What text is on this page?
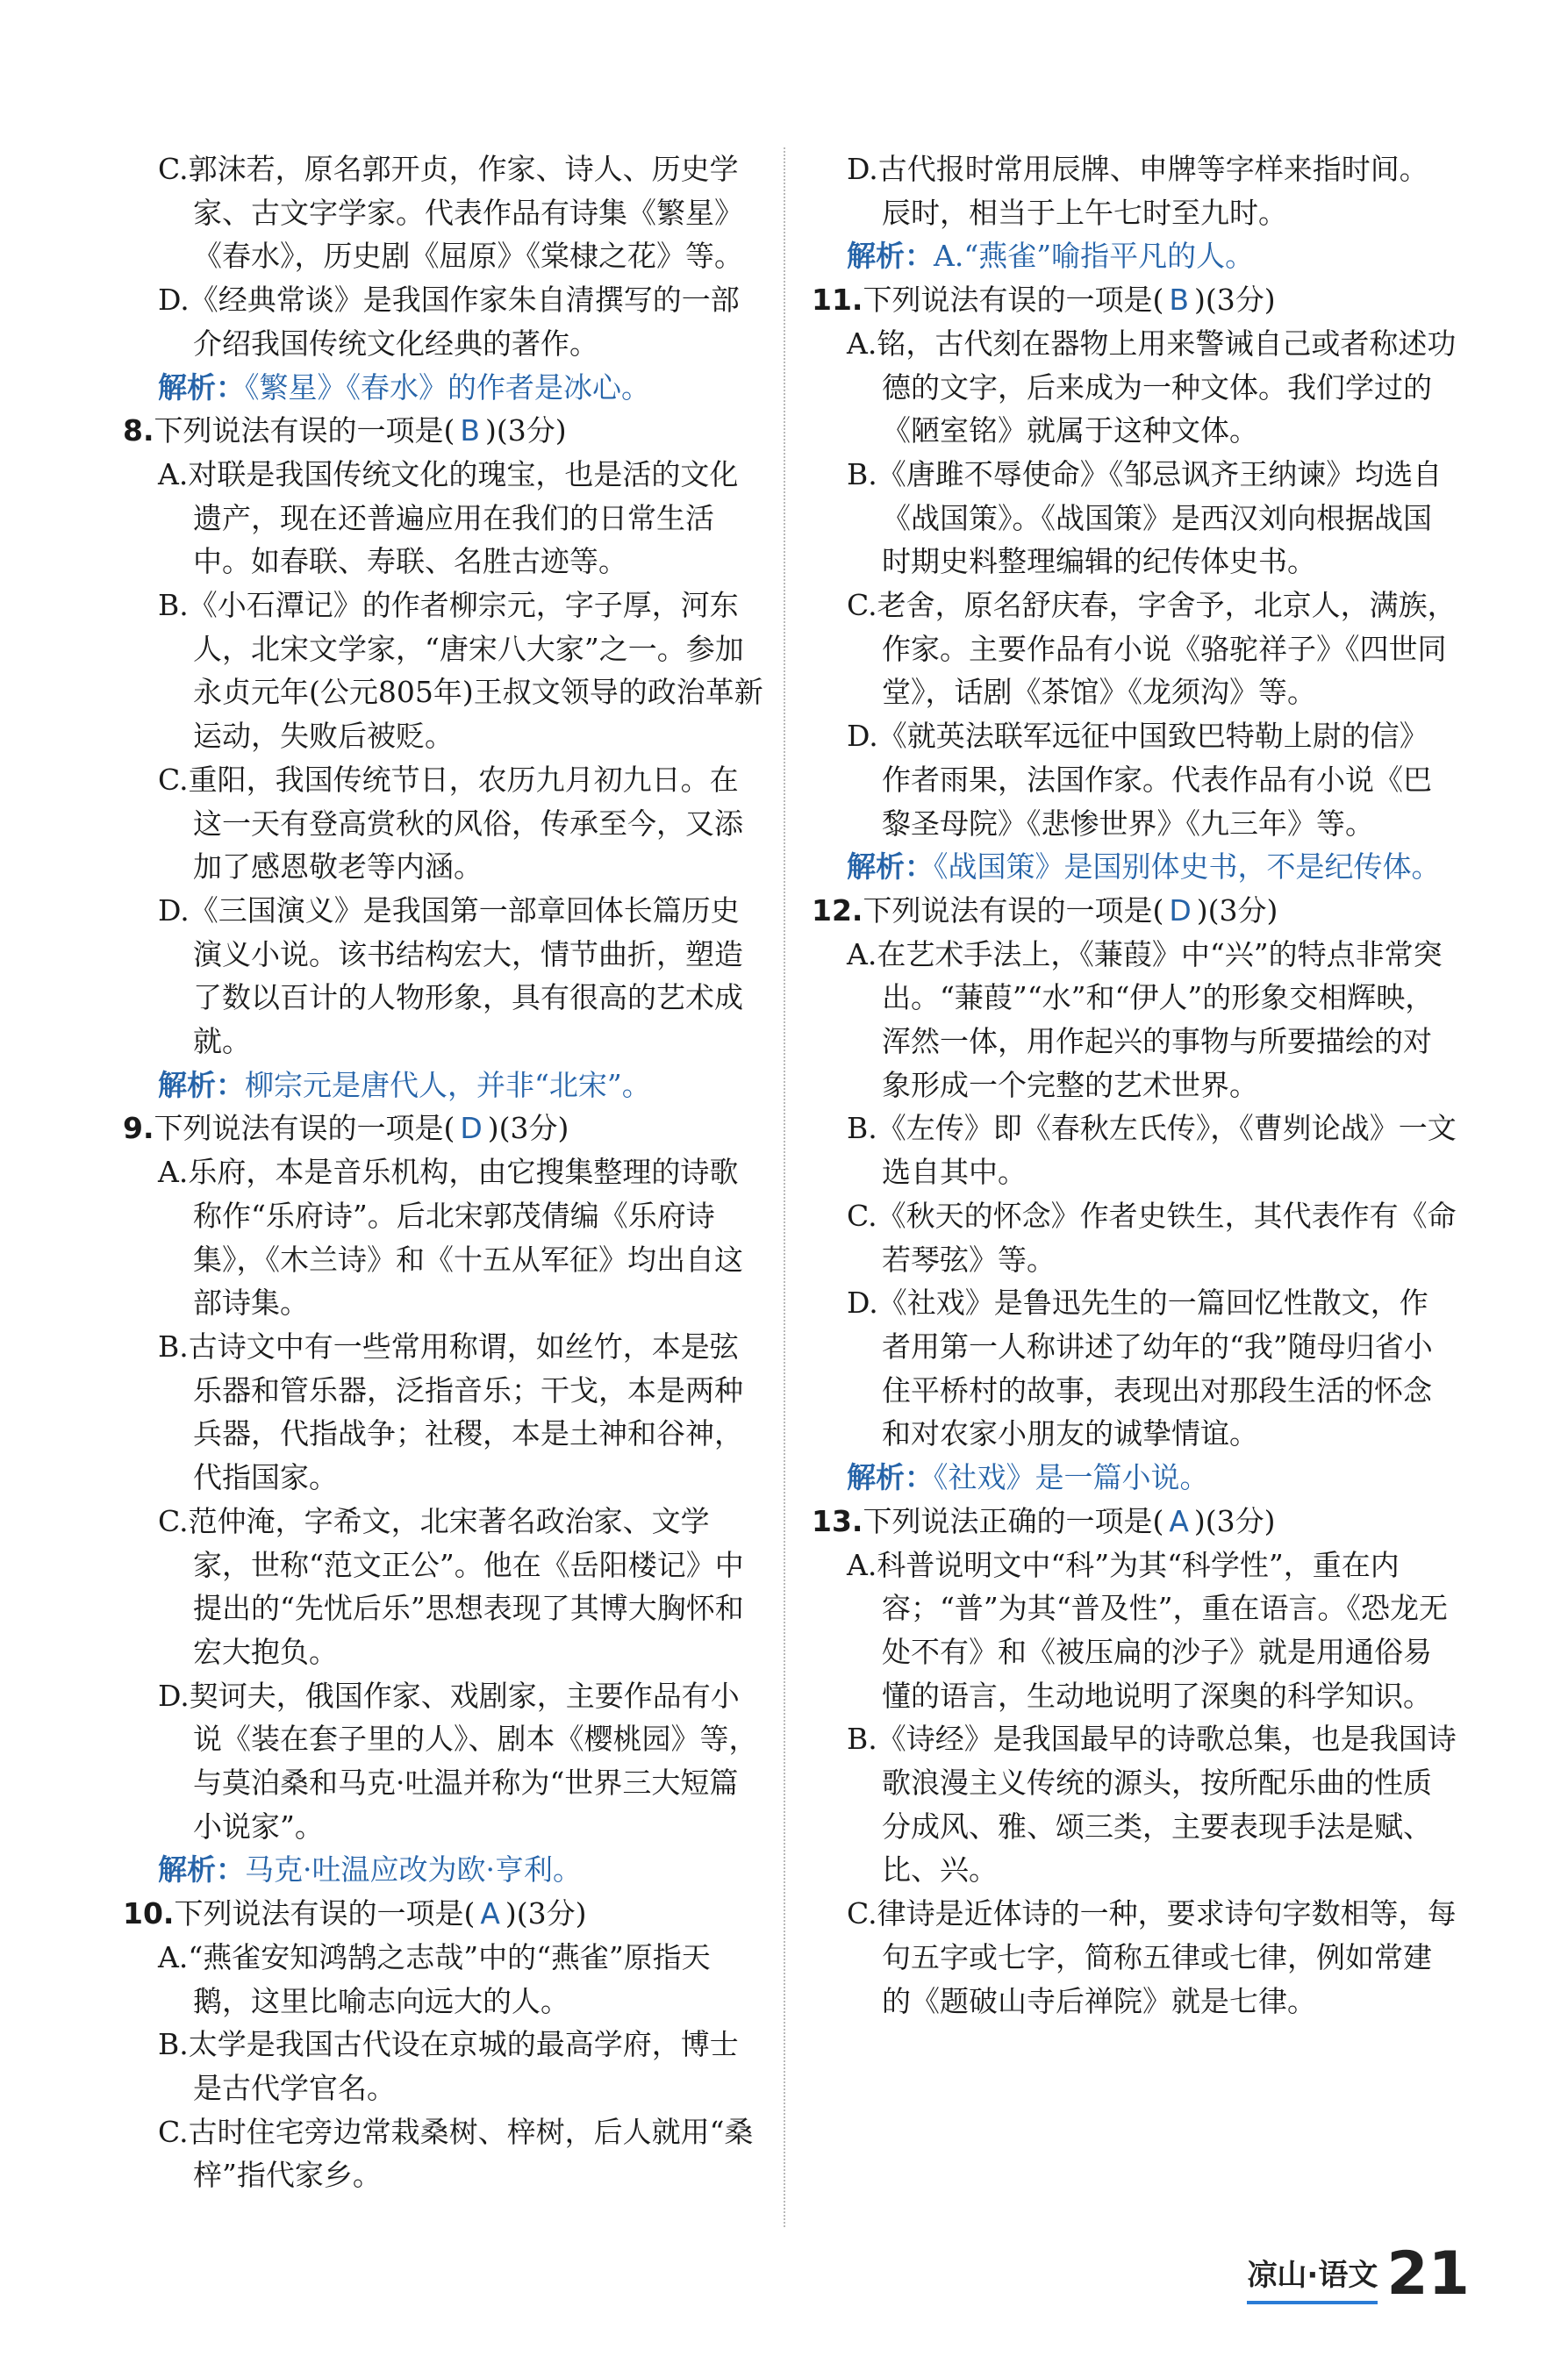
C.郭沫若，原名郭开贞，作家、诗人、历史学家、古文字学家。代表作品有诗集《繁星》《春水》，历史剧《屈原》《棠棣之花》等。
D.《经典常谈》是我国作家朱自清撰写的一部介绍我国传统文化经典的著作。
解析：《繁星》《春水》的作者是冰心。
8.下列说法有误的一项是( B )(3分)
A.对联是我国传统文化的瑰宝，也是活的文化遗产，现在还普遍应用在我们的日常生活中。如春联、寿联、名胜古迹等。
B.《小石潭记》的作者柳宗元，字子厚，河东人，北宋文学家，“唐宋八大家”之一。参加永贞元年(公元805年)王叔文领导的政治革新运动，失败后被贬。
C.重阳，我国传统节日，农历九月初九日。在这一天有登高赏秋的风俗，传承至今，又添加了感恩敬老等内涵。
D.《三国演义》是我国第一部章回体长篇历史演义小说。该书结构宏大，情节曲折，塑造了数以百计的人物形象，具有很高的艺术成就。
解析：柳宗元是唐代人，并非“北宋”。
9.下列说法有误的一项是( D )(3分)
A.乐府，本是音乐机构，由它搜集整理的诗歌称作“乐府诗”。后北宋郭茂倩编《乐府诗集》，《木兰诗》和《十五从军征》均出自这部诗集。
B.古诗文中有一些常用称谓，如丝竹，本是弦乐器和管乐器，泛指音乐；干戈，本是两种兵器，代指战争；社稷，本是土神和谷神，代指国家。
C.范仲淹，字希文，北宋著名政治家、文学家，世称“范文正公”。他在《岳阳楼记》中提出的“先忧后乐”思想表现了其博大胸怀和宏大抱负。
D.契诃夫，俄国作家、戏剧家，主要作品有小说《装在套子里的人》、剧本《樱桃园》等，与莫泊桑和马克·吐温并称为“世界三大短篇小说家”。
解析：马克·吐温应改为欧·亨利。
10.下列说法有误的一项是( A )(3分)
A.“燕雀安知鸿鹄之志哉”中的“燕雀”原指天鹅，这里比喻志向远大的人。
B.太学是我国古代设在京城的最高学府，博士是古代学官名。
C.古时住宅旁边常栽桑树、梓树，后人就用“桑梓”指代家乡。
D.古代报时常用辰牌、申牌等字样来指时间。辰时，相当于上午七时至九时。
解析：A.“燕雀”喻指平凡的人。
11.下列说法有误的一项是( B )(3分)
A.铭，古代刻在器物上用来警诫自己或者称述功德的文字，后来成为一种文体。我们学过的《陋室铭》就属于这种文体。
B.《唐雎不辱使命》《邹忌讽齐王纳谏》均选自《战国策》。《战国策》是西汉刘向根据战国时期史料整理编辑的纪传体史书。
C.老舍，原名舒庆春，字舍予，北京人，满族，作家。主要作品有小说《骆驼祥子》《四世同堂》，话剧《茶馆》《龙须沟》等。
D.《就英法联军远征中国致巴特勒上尉的信》作者雨果，法国作家。代表作品有小说《巴黎圣母院》《悲惨世界》《九三年》等。
解析：《战国策》是国别体史书，不是纪传体。
12.下列说法有误的一项是( D )(3分)
A.在艺术手法上，《蒹葭》中“兴”的特点非常突出。“蒹葭”“水”和“伊人”的形象交相辉映，浑然一体，用作起兴的事物与所要描绘的对象形成一个完整的艺术世界。
B.《左传》即《春秋左氏传》，《曹刿论战》一文选自其中。
C.《秋天的怀念》作者史铁生，其代表作有《命若琴弦》等。
D.《社戏》是鲁迅先生的一篇回忆性散文，作者用第一人称讲述了幼年的“我”随母归省小住平桥村的故事，表现出对那段生活的怀念和对农家小朋友的诚挚情谊。
解析：《社戏》是一篇小说。
13.下列说法正确的一项是( A )(3分)
A.科普说明文中“科”为其“科学性”，重在内容；“普”为其“普及性”，重在语言。《恐龙无处不有》和《被压扁的沙子》就是用通俗易懂的语言，生动地说明了深奥的科学知识。
B.《诗经》是我国最早的诗歌总集，也是我国诗歌浪漫主义传统的源头，按所配乐曲的性质分成风、雅、颂三类，主要表现手法是赋、比、兴。
C.律诗是近体诗的一种，要求诗句字数相等，每句五字或七字，简称五律或七律，例如常建的《题破山寺后禅院》就是七律。
凉山·语文 21
